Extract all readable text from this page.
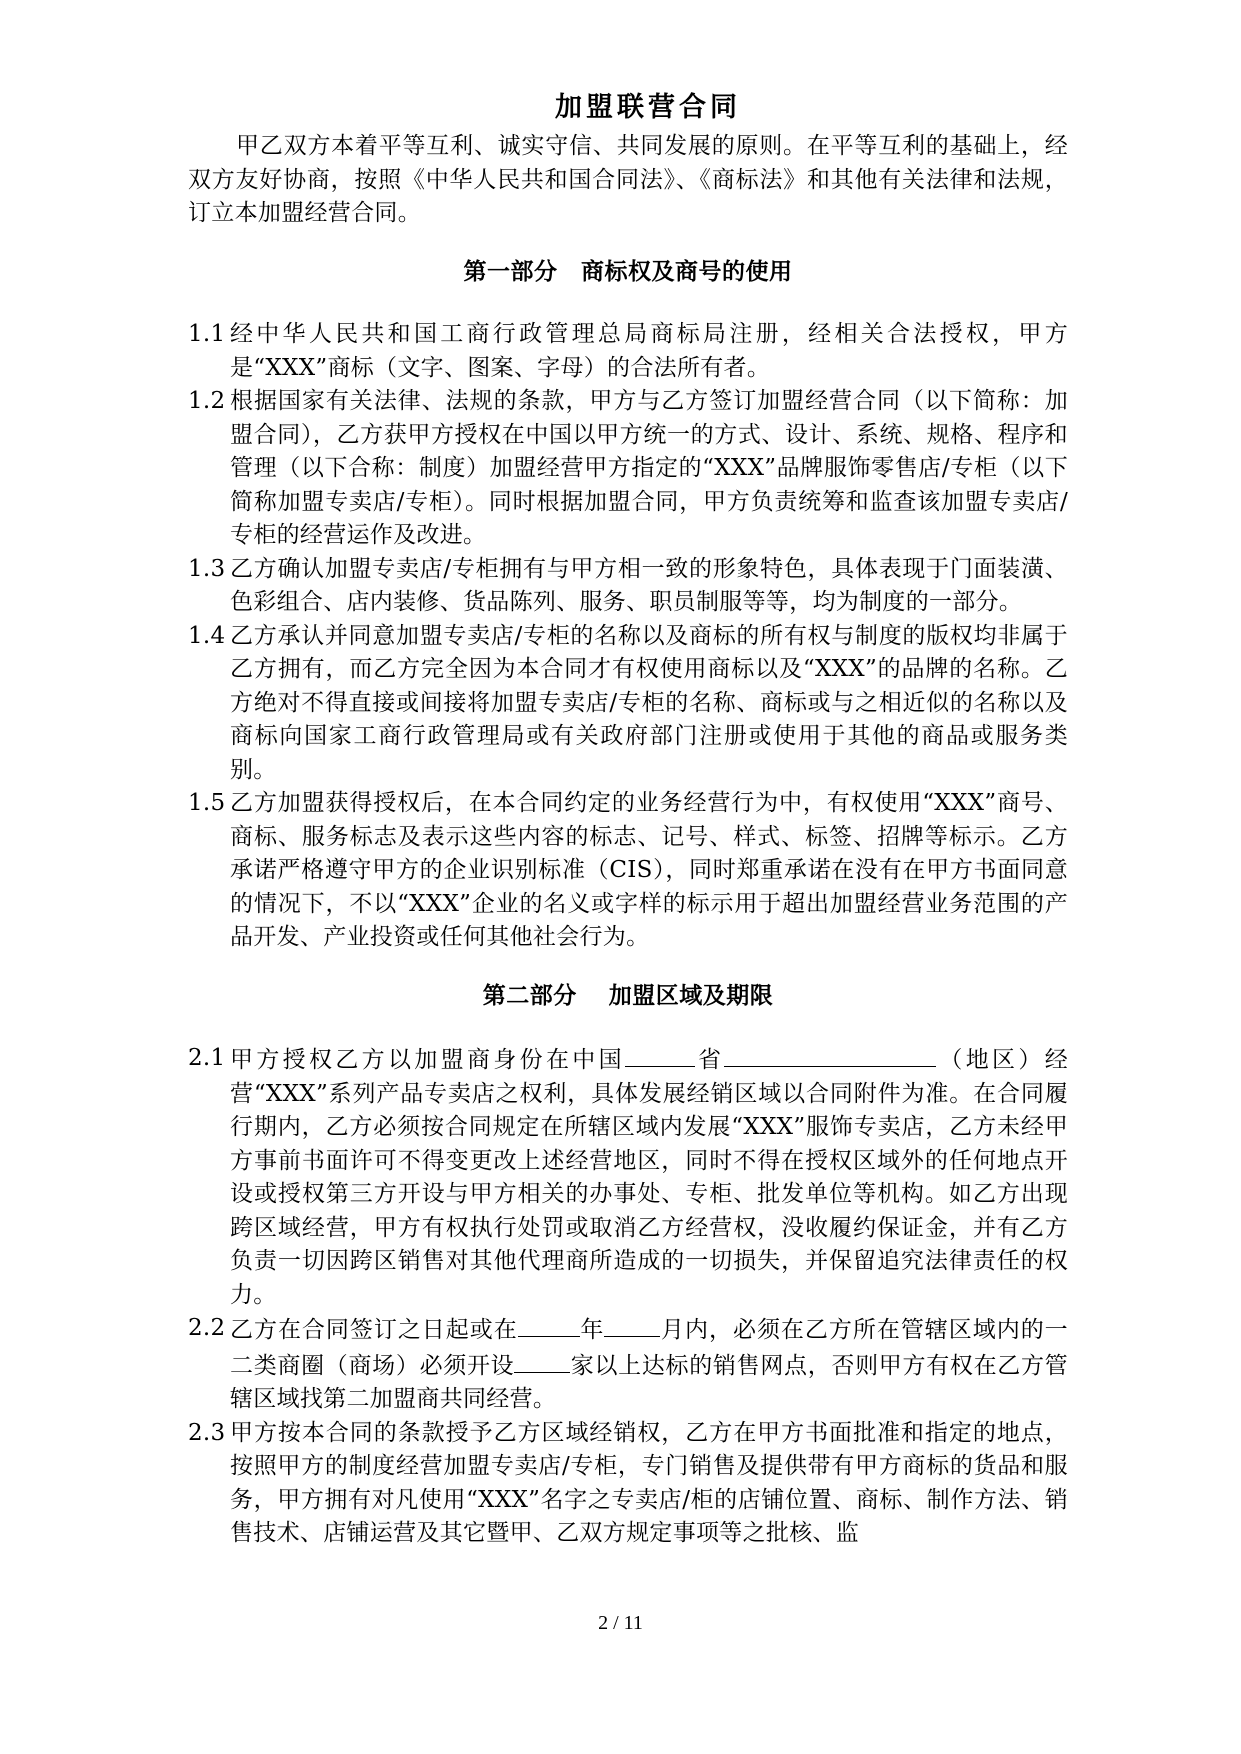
加盟联营合同

甲乙双方本着平等互利、诚实守信、共同发展的原则。在平等互利的基础上，经双方友好协商，按照《中华人民共和国合同法》、《商标法》和其他有关法律和法规，订立本加盟经营合同。

第一部分　商标权及商号的使用
1.1 经中华人民共和国工商行政管理总局商标局注册，经相关合法授权，甲方是“XXX”商标（文字、图案、字母）的合法所有者。
1.2 根据国家有关法律、法规的条款，甲方与乙方签订加盟经营合同（以下简称：加盟合同），乙方获甲方授权在中国以甲方统一的方式、设计、系统、规格、程序和管理（以下合称：制度）加盟经营甲方指定的“XXX”品牌服饰零售店/专柜（以下简称加盟专卖店/专柜）。同时根据加盟合同，甲方负责统筹和监查该加盟专卖店/专柜的经营运作及改进。
1.3 乙方确认加盟专卖店/专柜拥有与甲方相一致的形象特色，具体表现于门面装潢、色彩组合、店内装修、货品陈列、服务、职员制服等等，均为制度的一部分。
1.4 乙方承认并同意加盟专卖店/专柜的名称以及商标的所有权与制度的版权均非属于乙方拥有，而乙方完全因为本合同才有权使用商标以及“XXX”的品牌的名称。乙方绝对不得直接或间接将加盟专卖店/专柜的名称、商标或与之相近似的名称以及商标向国家工商行政管理局或有关政府部门注册或使用于其他的商品或服务类别。
1.5 乙方加盟获得授权后，在本合同约定的业务经营行为中，有权使用“XXX”商号、商标、服务标志及表示这些内容的标志、记号、样式、标签、招牌等标示。乙方承诺严格遵守甲方的企业识别标准（CIS），同时郑重承诺在没有在甲方书面同意的情况下，不以“XXX”企业的名义或字样的标示用于超出加盟经营业务范围的产品开发、产业投资或任何其他社会行为。
第二部分　 加盟区域及期限
2.1 甲方授权乙方以加盟商身份在中国	省	（地区）经营“XXX”系列产品专卖店之权利，具体发展经销区域以合同附件为准。在合同履行期内，乙方必须按合同规定在所辖区域内发展“XXX”服饰专卖店，乙方未经甲方事前书面许可不得变更改上述经营地区，同时不得在授权区域外的任何地点开设或授权第三方开设与甲方相关的办事处、专柜、批发单位等机构。如乙方出现跨区域经营，甲方有权执行处罚或取消乙方经营权，没收履约保证金，并有乙方负责一切因跨区销售对其他代理商所造成的一切损失，并保留追究法律责任的权力。
2.2 乙方在合同签订之日起或在	年 月内，必须在乙方所在管辖区域内的一二类商圈（商场）必须开设 家以上达标的销售网点，否则甲方有权在乙方管辖区域找第二加盟商共同经营。
2.3 甲方按本合同的条款授予乙方区域经销权，乙方在甲方书面批准和指定的地点，按照甲方的制度经营加盟专卖店/专柜，专门销售及提供带有甲方商标的货品和服务，甲方拥有对凡使用“XXX”名字之专卖店/柜的店铺位置、商标、制作方法、销售技术、店铺运营及其它暨甲、乙双方规定事项等之批核、监
2 / 11
